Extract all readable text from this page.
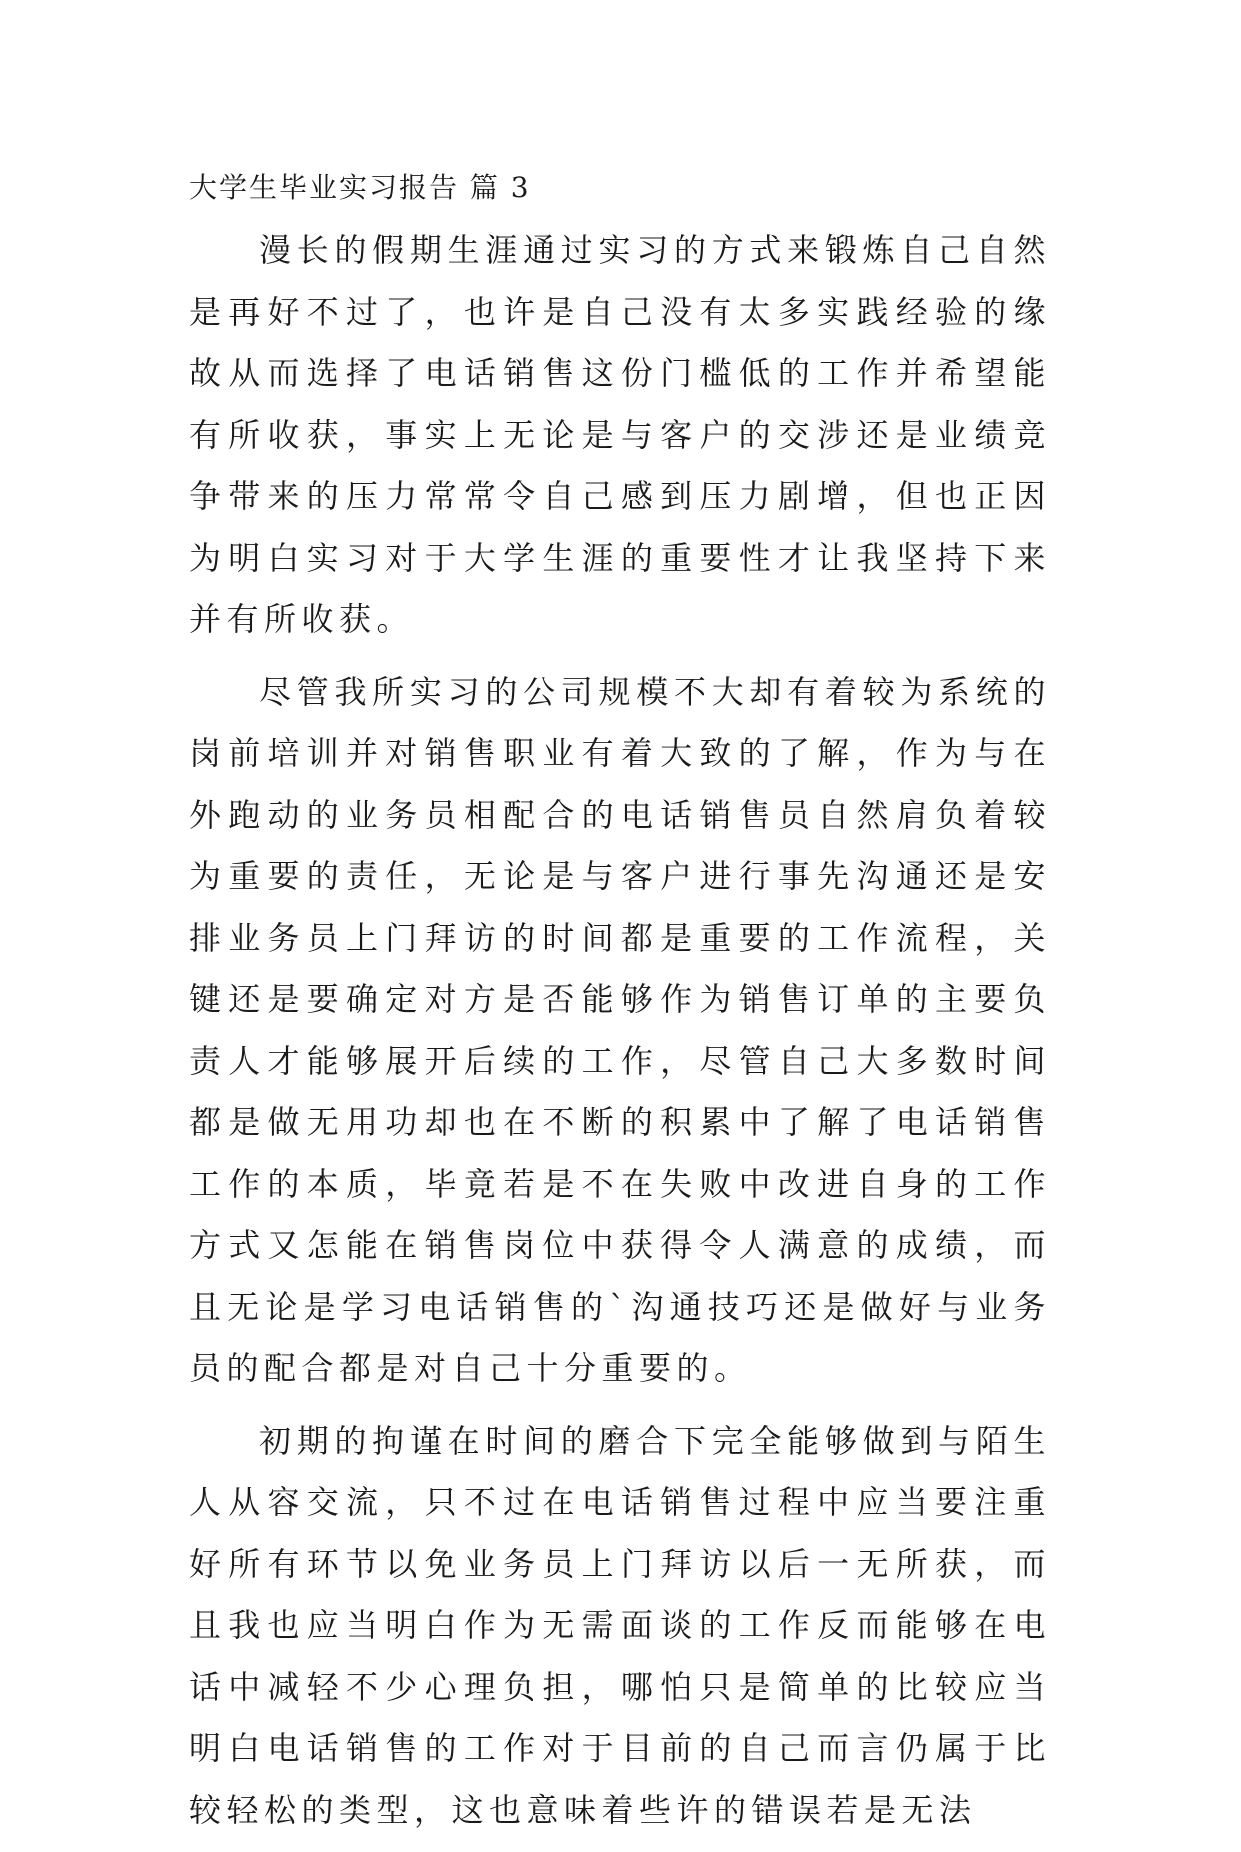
大学生毕业实习报告 篇 3

漫长的假期生涯通过实习的方式来锻炼自己自然是再好不过了，也许是自己没有太多实践经验的缘故从而选择了电话销售这份门槛低的工作并希望能有所收获，事实上无论是与客户的交涉还是业绩竞争带来的压力常常令自己感到压力剧增，但也正因为明白实习对于大学生涯的重要性才让我坚持下来并有所收获。

尽管我所实习的公司规模不大却有着较为系统的岗前培训并对销售职业有着大致的了解，作为与在外跑动的业务员相配合的电话销售员自然肩负着较为重要的责任，无论是与客户进行事先沟通还是安排业务员上门拜访的时间都是重要的工作流程，关键还是要确定对方是否能够作为销售订单的主要负责人才能够展开后续的工作，尽管自己大多数时间都是做无用功却也在不断的积累中了解了电话销售工作的本质，毕竟若是不在失败中改进自身的工作方式又怎能在销售岗位中获得令人满意的成绩，而且无论是学习电话销售的`沟通技巧还是做好与业务员的配合都是对自己十分重要的。

初期的拘谨在时间的磨合下完全能够做到与陌生人从容交流，只不过在电话销售过程中应当要注重好所有环节以免业务员上门拜访以后一无所获，而且我也应当明白作为无需面谈的工作反而能够在电话中减轻不少心理负担，哪怕只是简单的比较应当明白电话销售的工作对于目前的自己而言仍属于比较轻松的类型，这也意味着些许的错误若是无法
